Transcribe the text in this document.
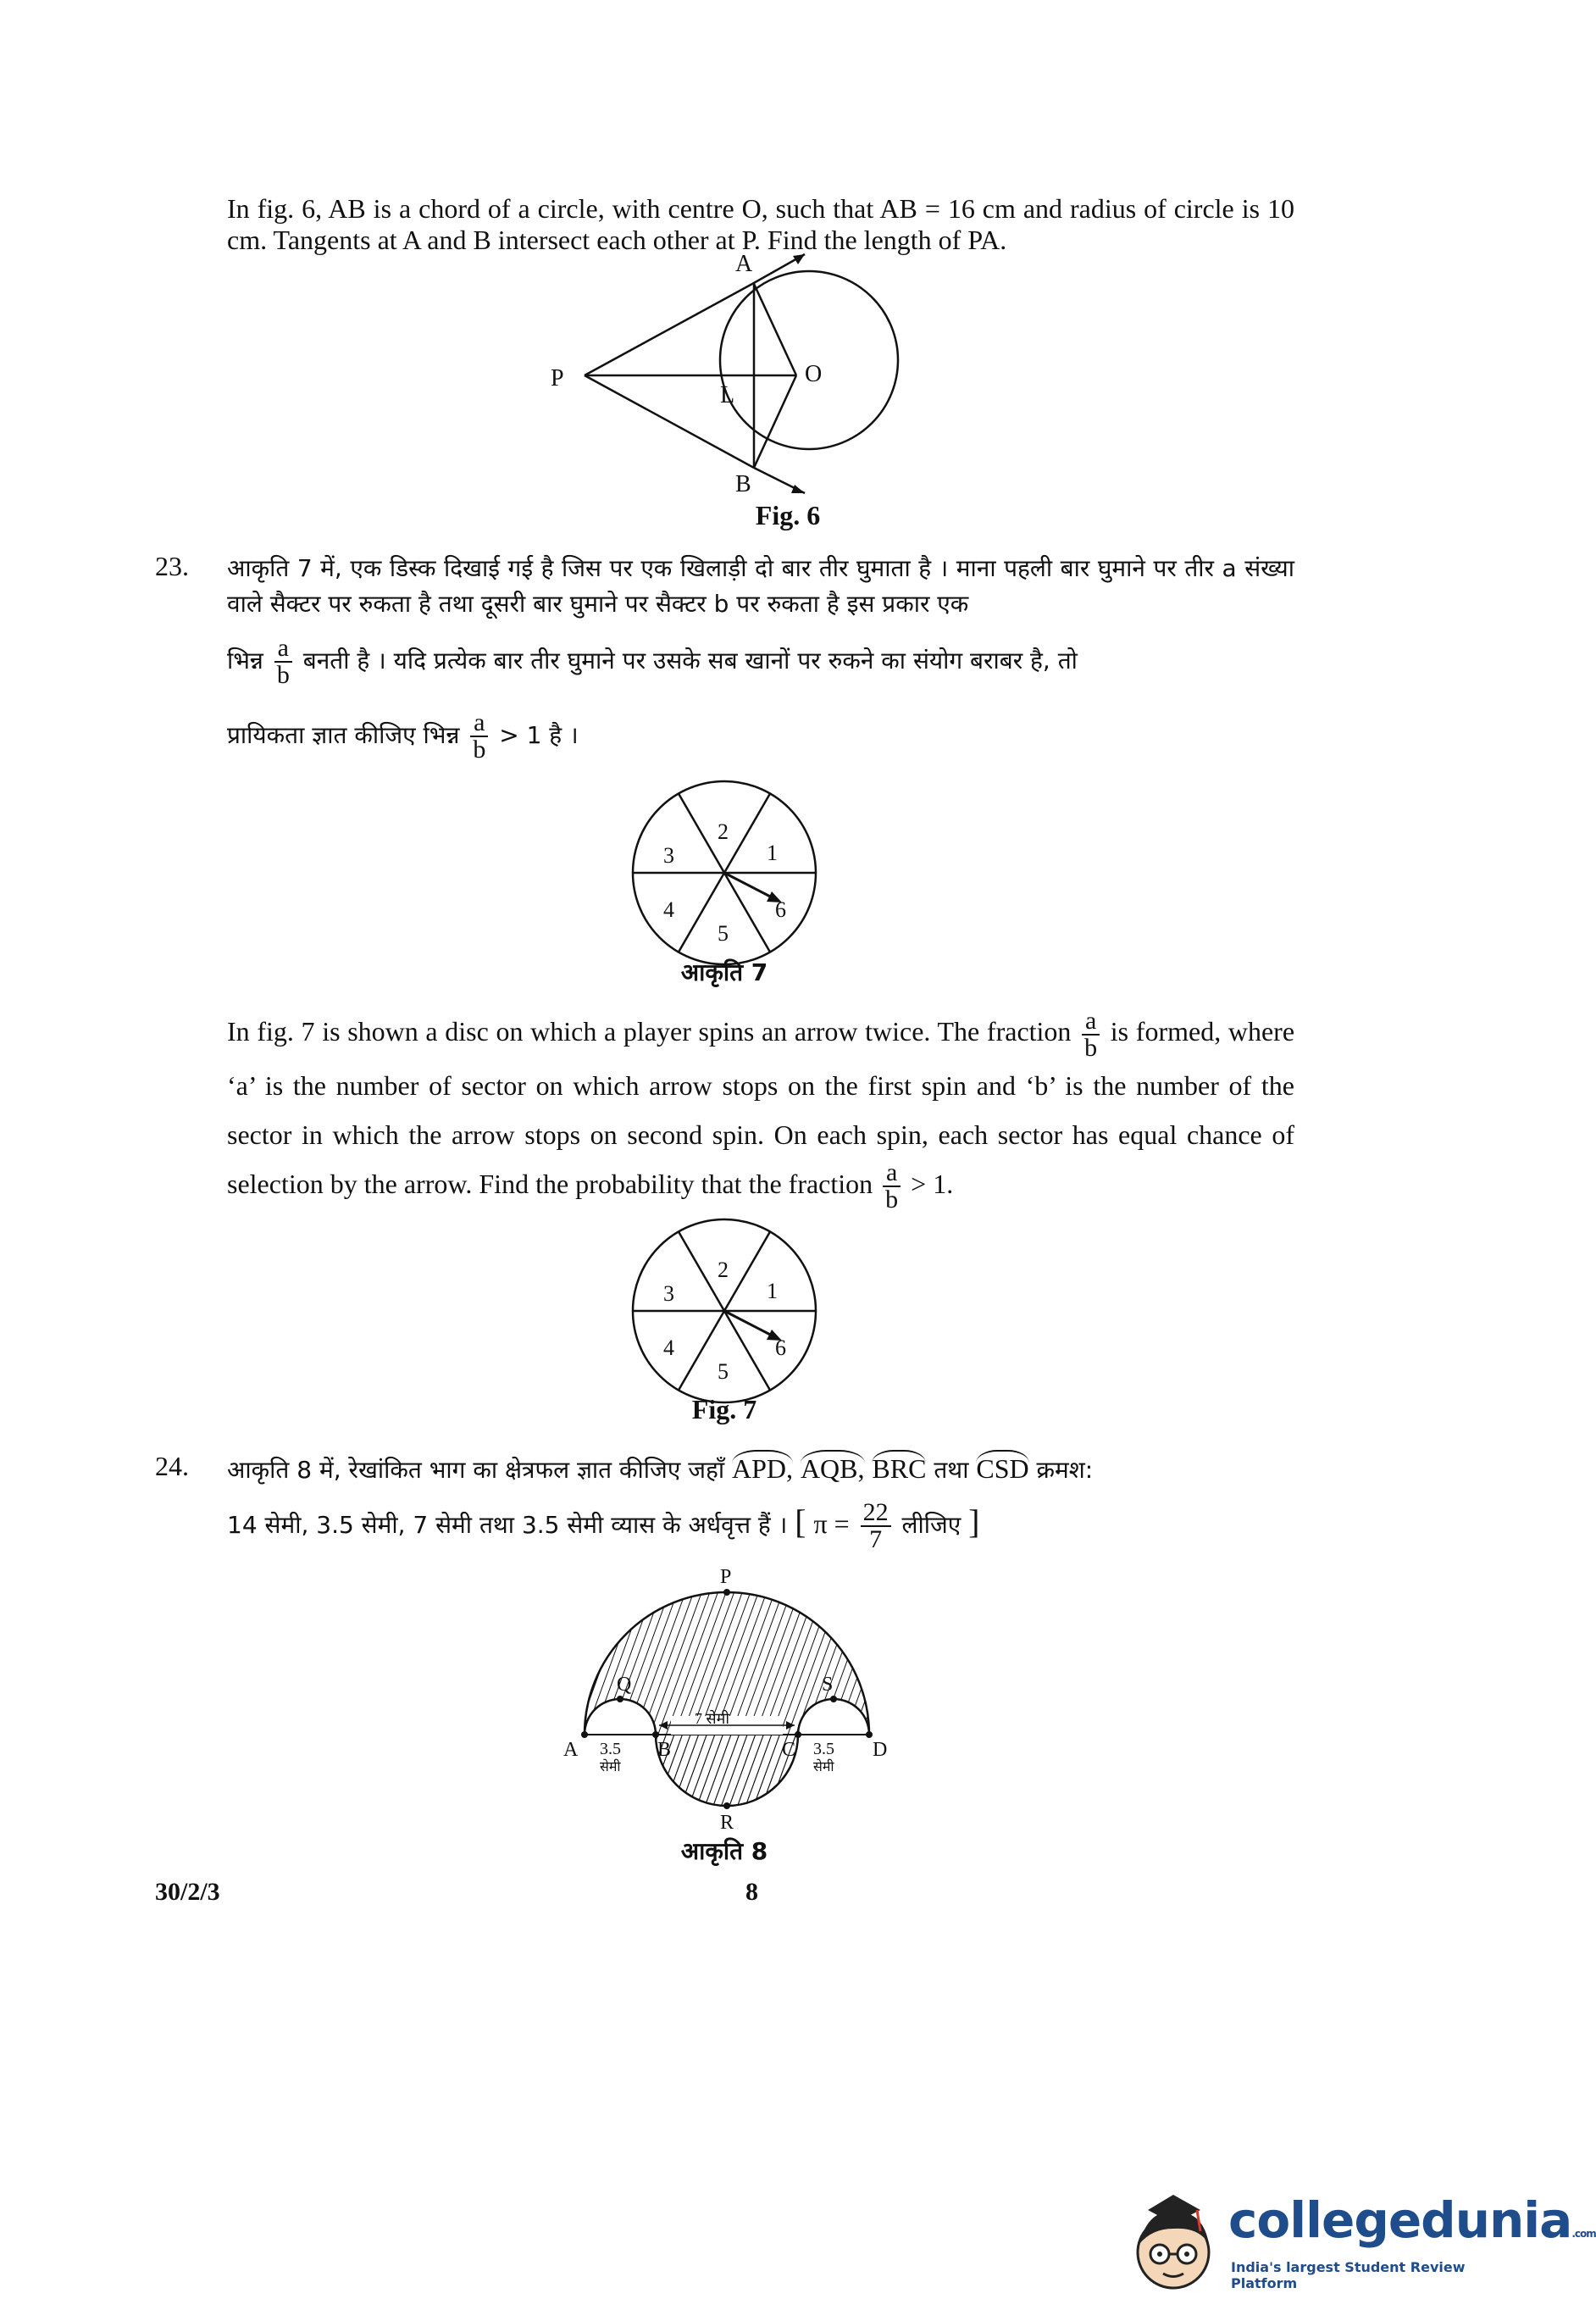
In fig. 6, AB is a chord of a circle, with centre O, such that AB = 16 cm and radius of circle is 10 cm. Tangents at A and B intersect each other at P. Find the length of PA.
A
B
P	O
L
Fig. 6
23. आकृति 7 में, एक डिस्क दिखाई गई है जिस पर एक खिलाड़ी दो बार तीर घुमाता है । माना पहली बार घुमाने पर तीर a संख्या वाले सैक्टर पर रुकता है तथा दूसरी बार घुमाने पर सैक्टर b पर रुकता है इस प्रकार एक
भिन्न $\frac{a}{b}$ बनती है । यदि प्रत्येक बार तीर घुमाने पर उसके सब खानों पर रुकने का संयोग बराबर है, तो
प्रायिकता ज्ञात कीजिए भिन्न $\frac{a}{b} > 1$ है ।
2
1
3
4
5
6
आकृति 7
In fig. 7 is shown a disc on which a player spins an arrow twice. The fraction $\frac{a}{b}$ is formed, where ‘a’ is the number of sector on which arrow stops on the first spin and ‘b’ is the number of the sector in which the arrow stops on second spin. On each spin, each sector has equal chance of selection by the arrow. Find the probability that the fraction $\frac{a}{b} > 1$.
2
1
3
4
5
6
Fig. 7
24. आकृति 8 में, रेखांकित भाग का क्षेत्रफल ज्ञात कीजिए जहाँ APD, AQB, BRC तथा CSD क्रमश:
14 सेमी, 3.5 सेमी, 7 सेमी तथा 3.5 सेमी व्यास के अर्धवृत्त हैं । [ $\pi = \frac{22}{7}$ लीजिए ]
P
Q	S
R
A	B	C	D
7 सेमी
3.5
सेमी
3.5
सेमी
आकृति 8
30/2/3	8
collegedunia.com
India's largest Student Review Platform
